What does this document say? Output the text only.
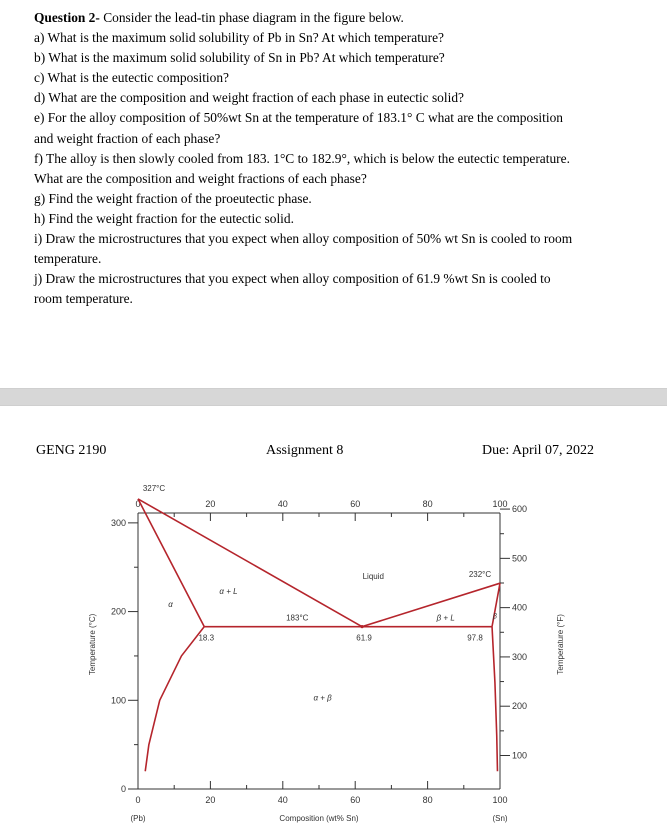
Question 2- Consider the lead-tin phase diagram in the figure below.
a) What is the maximum solid solubility of Pb in Sn? At which temperature?
b) What is the maximum solid solubility of Sn in Pb? At which temperature?
c) What is the eutectic composition?
d) What are the composition and weight fraction of each phase in eutectic solid?
e) For the alloy composition of 50%wt Sn at the temperature of 183.1° C what are the composition
and weight fraction of each phase?
f) The alloy is then slowly cooled from 183. 1°C to 182.9°, which is below the eutectic temperature.
What are the composition and weight fractions of each phase?
g) Find the weight fraction of the proeutectic phase.
h) Find the weight fraction for the eutectic solid.
i) Draw the microstructures that you expect when alloy composition of 50% wt Sn is cooled to room
temperature.
j) Draw the microstructures that you expect when alloy composition of 61.9 %wt Sn is cooled to
room temperature.
GENG 2190	Assignment 8	Due: April 07, 2022
0
0
20
20
40
40
60
60
80
80
100
100
0
100
200
300
100
200
300
400
500
600
Composition (wt% Sn)
(Pb)	(Sn)
Temperature (°C)	Temperature (°F)
327°C
232°C
183°C
18.3	61.9	97.8
Liquid
α + L
β + L
α + β
α
β
